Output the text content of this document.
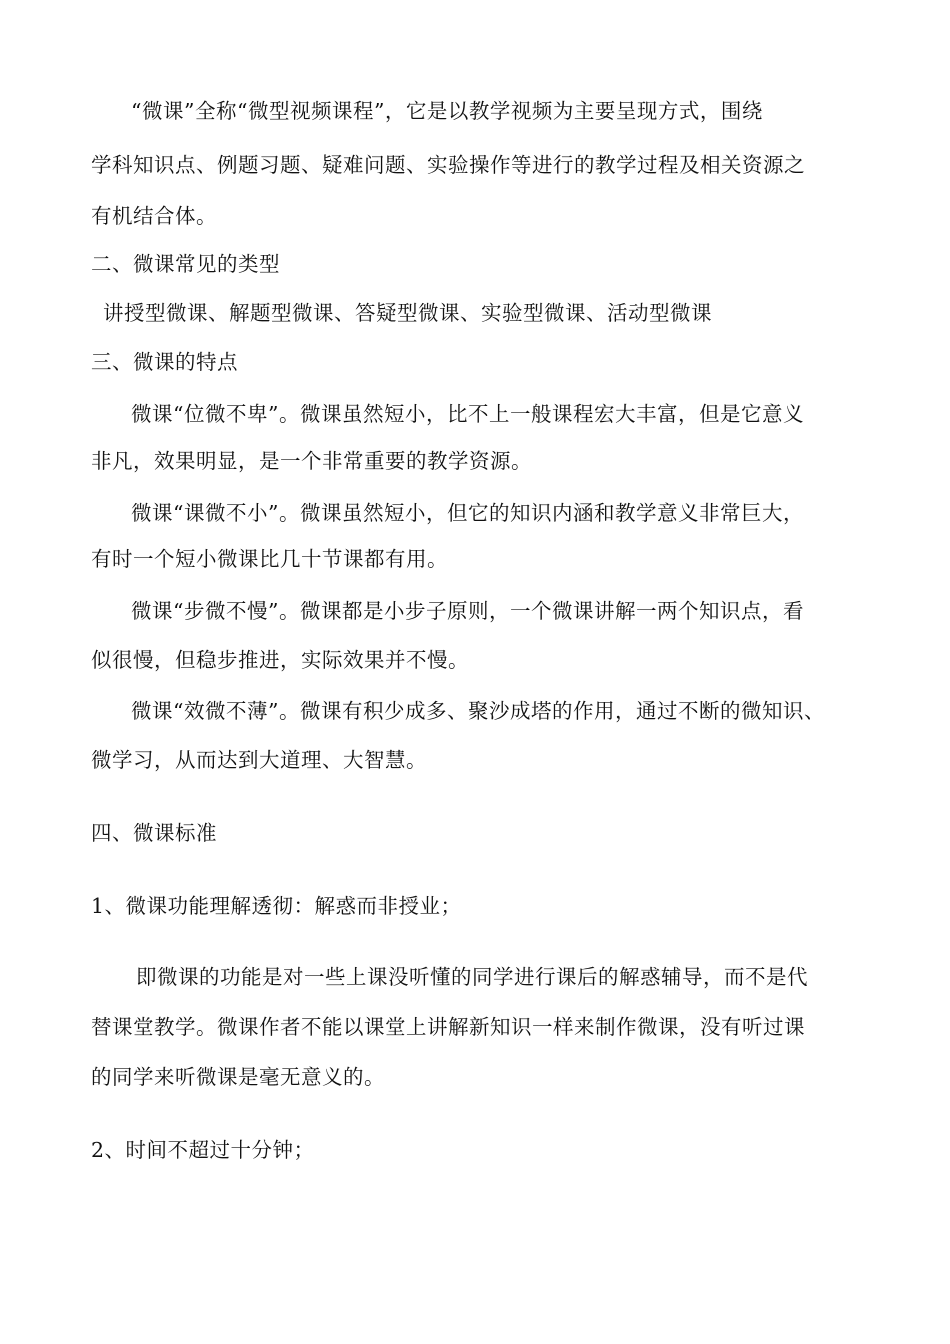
“微课”全称“微型视频课程”，它是以教学视频为主要呈现方式，围绕
学科知识点、例题习题、疑难问题、实验操作等进行的教学过程及相关资源之
有机结合体。
二、微课常见的类型
讲授型微课、解题型微课、答疑型微课、实验型微课、活动型微课
三、微课的特点
微课“位微不卑”。微课虽然短小，比不上一般课程宏大丰富，但是它意义
非凡，效果明显，是一个非常重要的教学资源。
微课“课微不小”。微课虽然短小，但它的知识内涵和教学意义非常巨大，
有时一个短小微课比几十节课都有用。
微课“步微不慢”。微课都是小步子原则，一个微课讲解一两个知识点，看
似很慢，但稳步推进，实际效果并不慢。
微课“效微不薄”。微课有积少成多、聚沙成塔的作用，通过不断的微知识、
微学习，从而达到大道理、大智慧。
四、微课标准
1、微课功能理解透彻：解惑而非授业；
即微课的功能是对一些上课没听懂的同学进行课后的解惑辅导，而不是代
替课堂教学。微课作者不能以课堂上讲解新知识一样来制作微课，没有听过课
的同学来听微课是毫无意义的。
2、时间不超过十分钟；
